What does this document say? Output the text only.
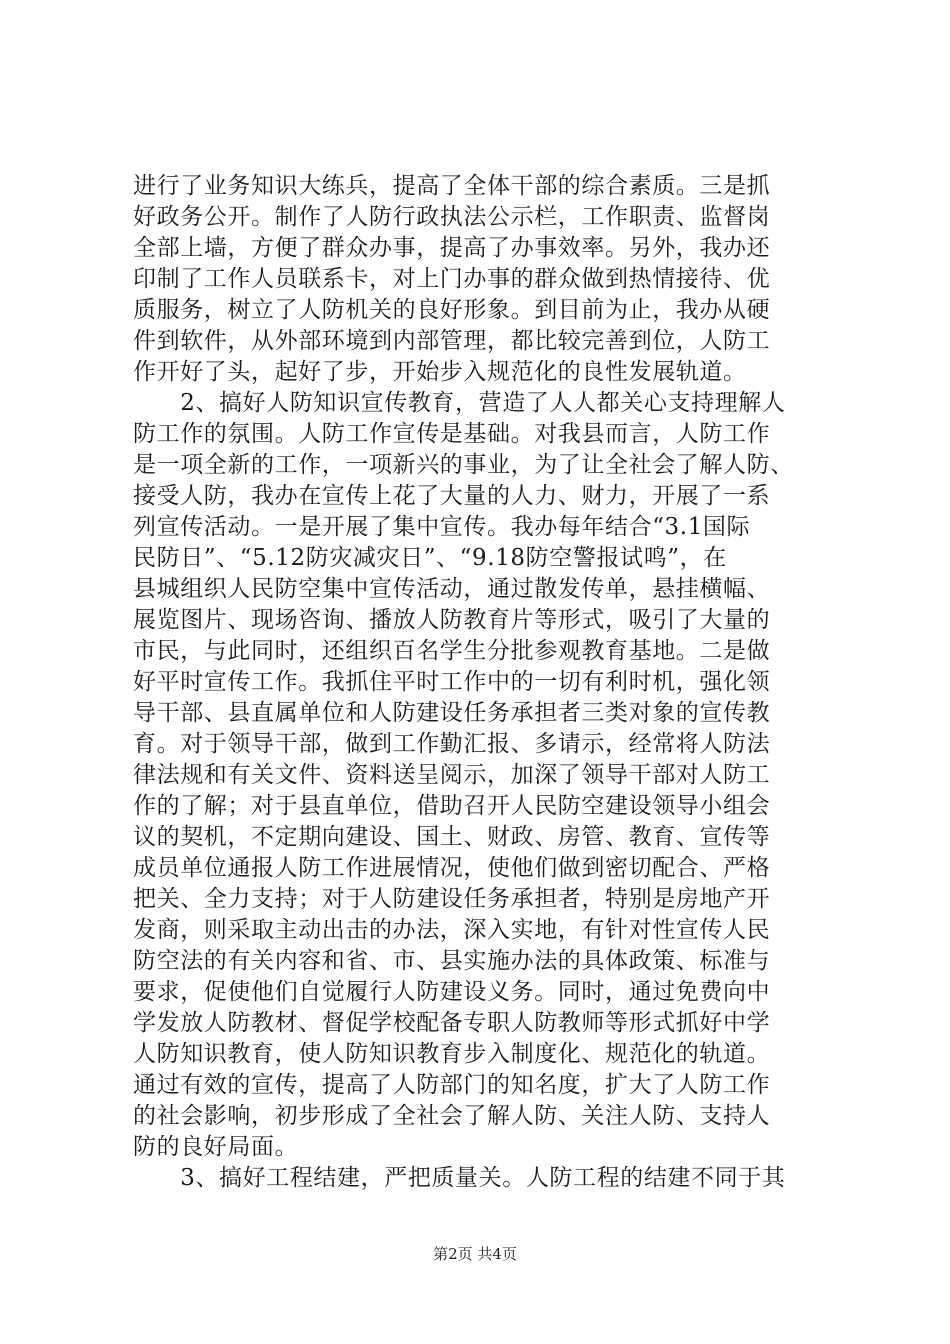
进行了业务知识大练兵，提高了全体干部的综合素质。三是抓
好政务公开。制作了人防行政执法公示栏，工作职责、监督岗
全部上墙，方便了群众办事，提高了办事效率。另外，我办还
印制了工作人员联系卡，对上门办事的群众做到热情接待、优
质服务，树立了人防机关的良好形象。到目前为止，我办从硬
件到软件，从外部环境到内部管理，都比较完善到位，人防工
作开好了头，起好了步，开始步入规范化的良性发展轨道。
　　2、搞好人防知识宣传教育，营造了人人都关心支持理解人
防工作的氛围。人防工作宣传是基础。对我县而言，人防工作
是一项全新的工作，一项新兴的事业，为了让全社会了解人防、
接受人防，我办在宣传上花了大量的人力、财力，开展了一系
列宣传活动。一是开展了集中宣传。我办每年结合“3.1国际
民防日”、“5.12防灾减灾日”、“9.18防空警报试鸣”，在
县城组织人民防空集中宣传活动，通过散发传单，悬挂横幅、
展览图片、现场咨询、播放人防教育片等形式，吸引了大量的
市民，与此同时，还组织百名学生分批参观教育基地。二是做
好平时宣传工作。我抓住平时工作中的一切有利时机，强化领
导干部、县直属单位和人防建设任务承担者三类对象的宣传教
育。对于领导干部，做到工作勤汇报、多请示，经常将人防法
律法规和有关文件、资料送呈阅示，加深了领导干部对人防工
作的了解；对于县直单位，借助召开人民防空建设领导小组会
议的契机，不定期向建设、国土、财政、房管、教育、宣传等
成员单位通报人防工作进展情况，使他们做到密切配合、严格
把关、全力支持；对于人防建设任务承担者，特别是房地产开
发商，则采取主动出击的办法，深入实地，有针对性宣传人民
防空法的有关内容和省、市、县实施办法的具体政策、标准与
要求，促使他们自觉履行人防建设义务。同时，通过免费向中
学发放人防教材、督促学校配备专职人防教师等形式抓好中学
人防知识教育，使人防知识教育步入制度化、规范化的轨道。
通过有效的宣传，提高了人防部门的知名度，扩大了人防工作
的社会影响，初步形成了全社会了解人防、关注人防、支持人
防的良好局面。
　　3、搞好工程结建，严把质量关。人防工程的结建不同于其
第2页 共4页
